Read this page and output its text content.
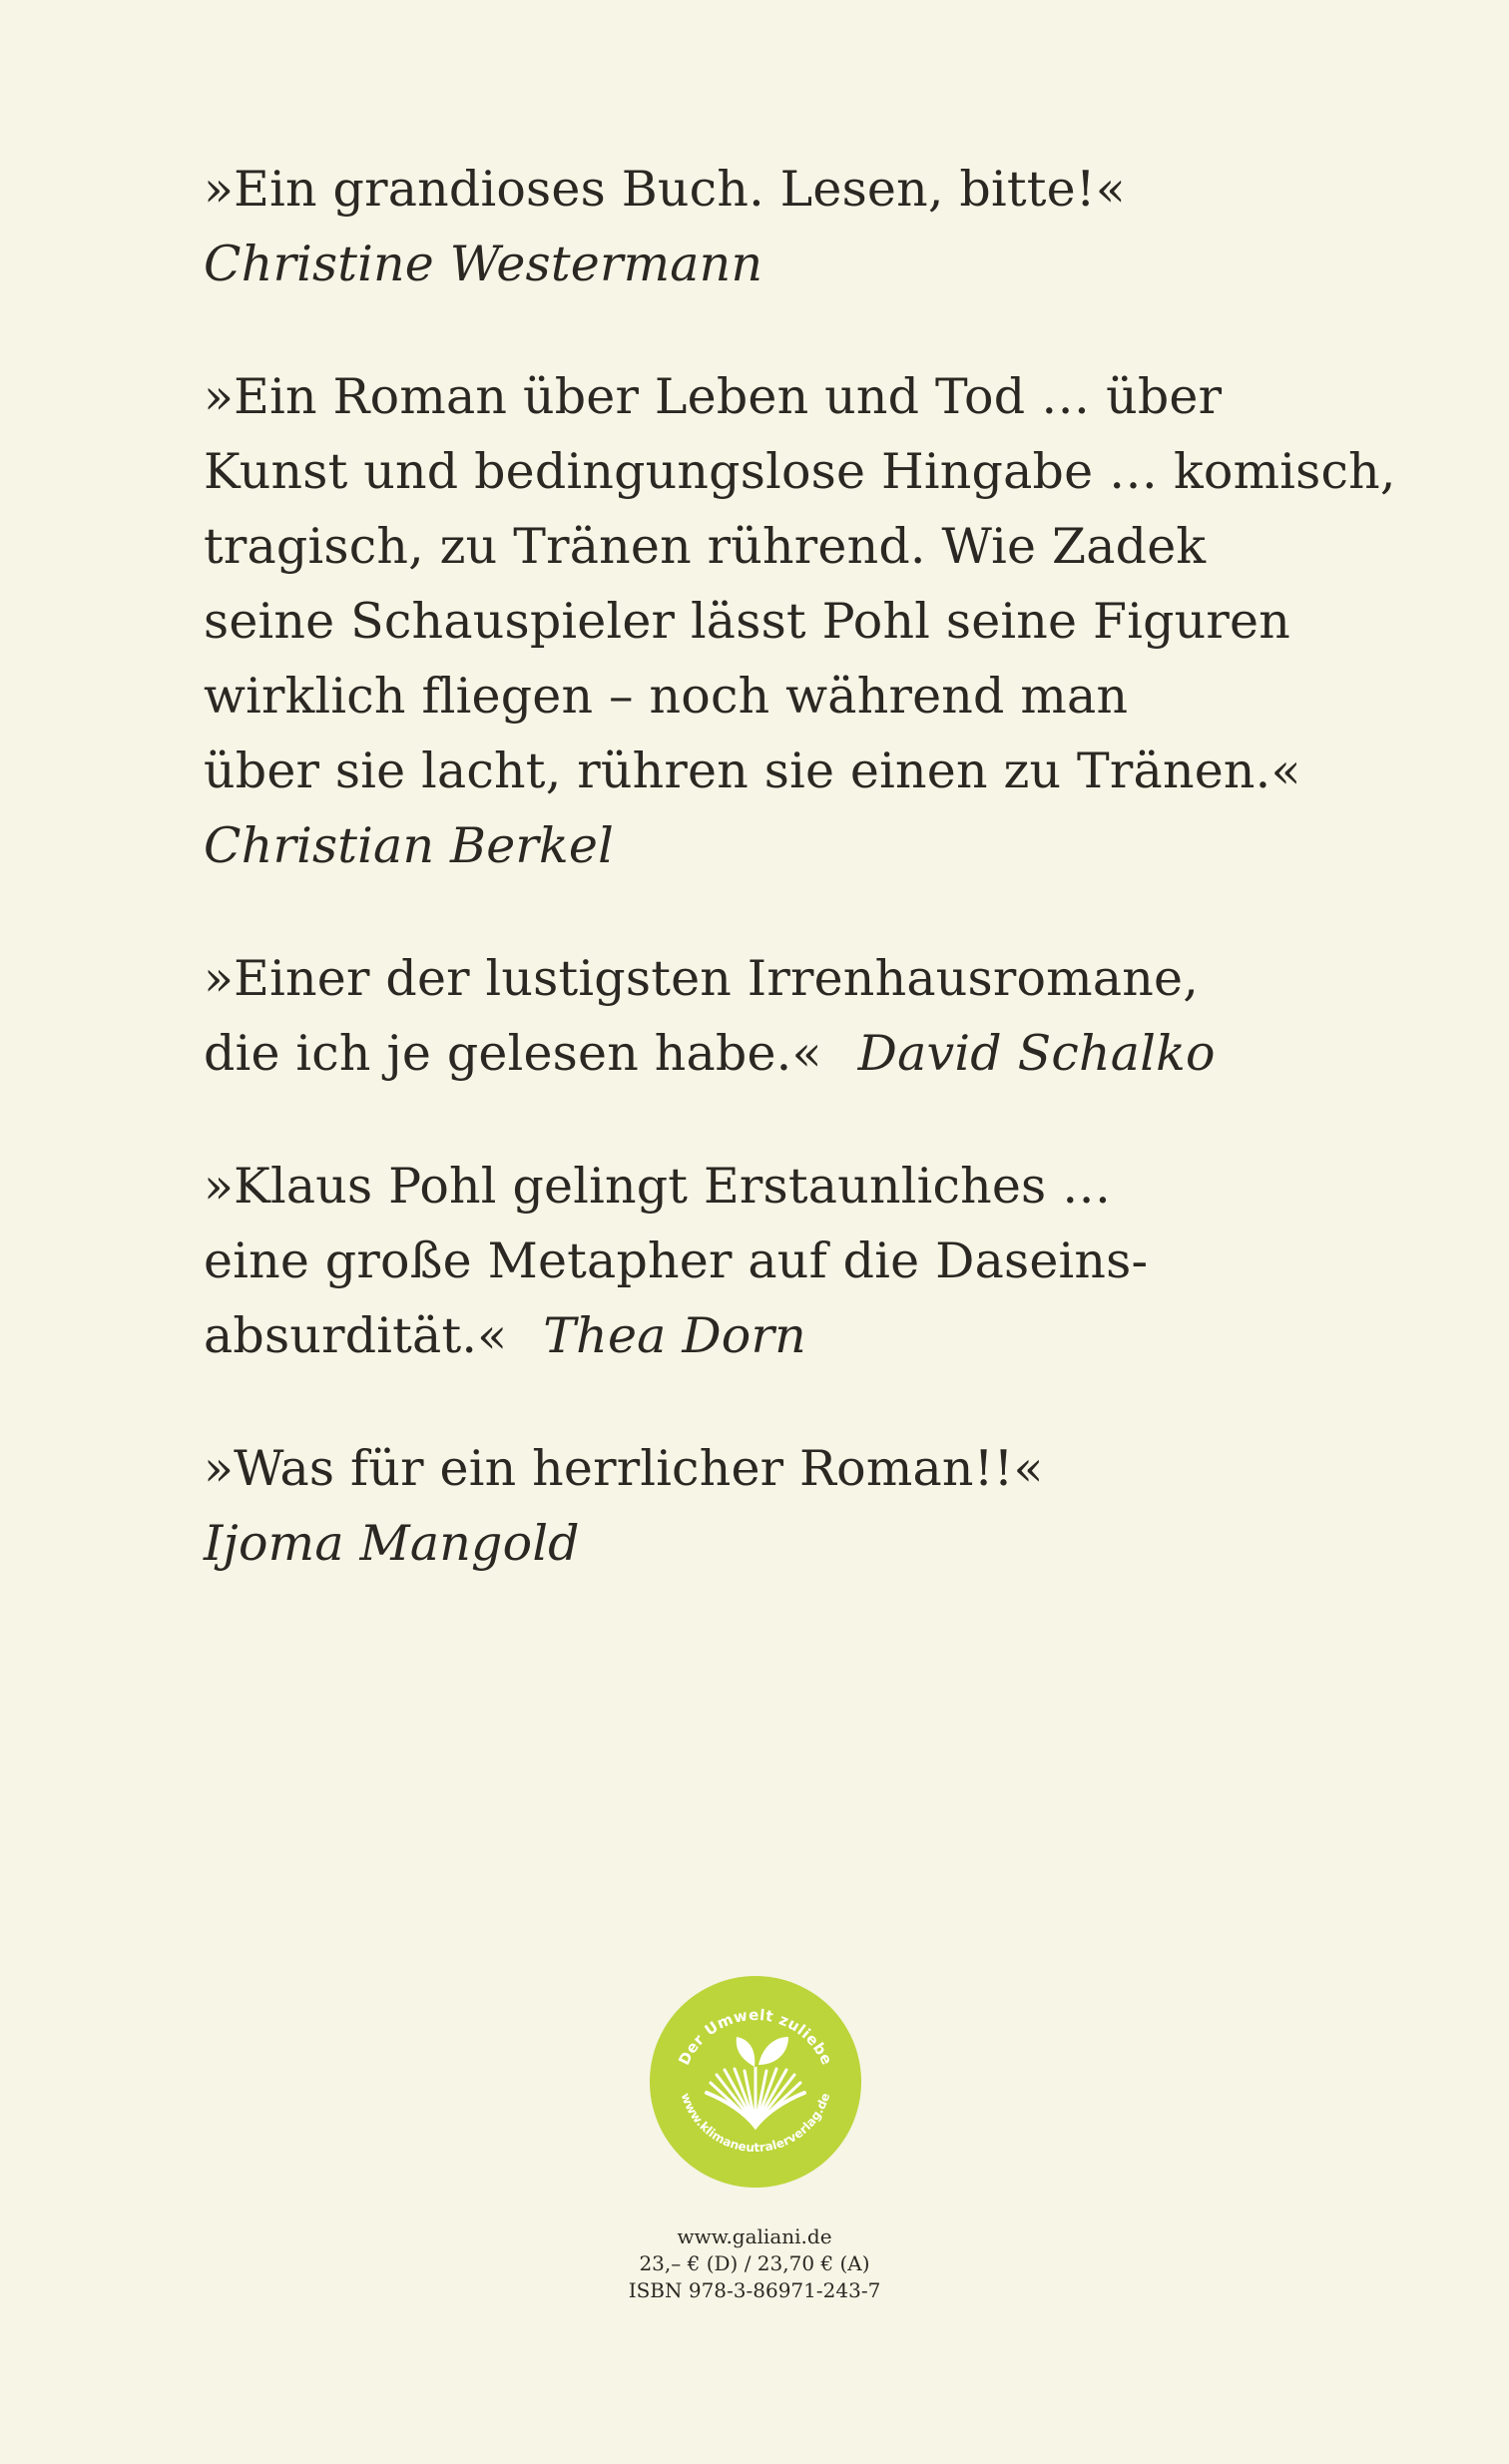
»Ein grandioses Buch. Lesen, bitte!«
Christine Westermann
»Ein Roman über Leben und Tod … über
Kunst und bedingungslose Hingabe … komisch,
tragisch, zu Tränen rührend. Wie Zadek
seine Schauspieler lässt Pohl seine Figuren
wirklich fliegen – noch während man
über sie lacht, rühren sie einen zu Tränen.«
Christian Berkel
»Einer der lustigsten Irrenhausromane,
die ich je gelesen habe.« David Schalko
»Klaus Pohl gelingt Erstaunliches …
eine große Metapher auf die Daseins-
absurdität.« Thea Dorn
»Was für ein herrlicher Roman!!«
Ijoma Mangold
Der Umwelt zuliebe
www.klimaneutralerverlag.de
www.galiani.de
23,– € (D) / 23,70 € (A)
ISBN 978-3-86971-243-7
